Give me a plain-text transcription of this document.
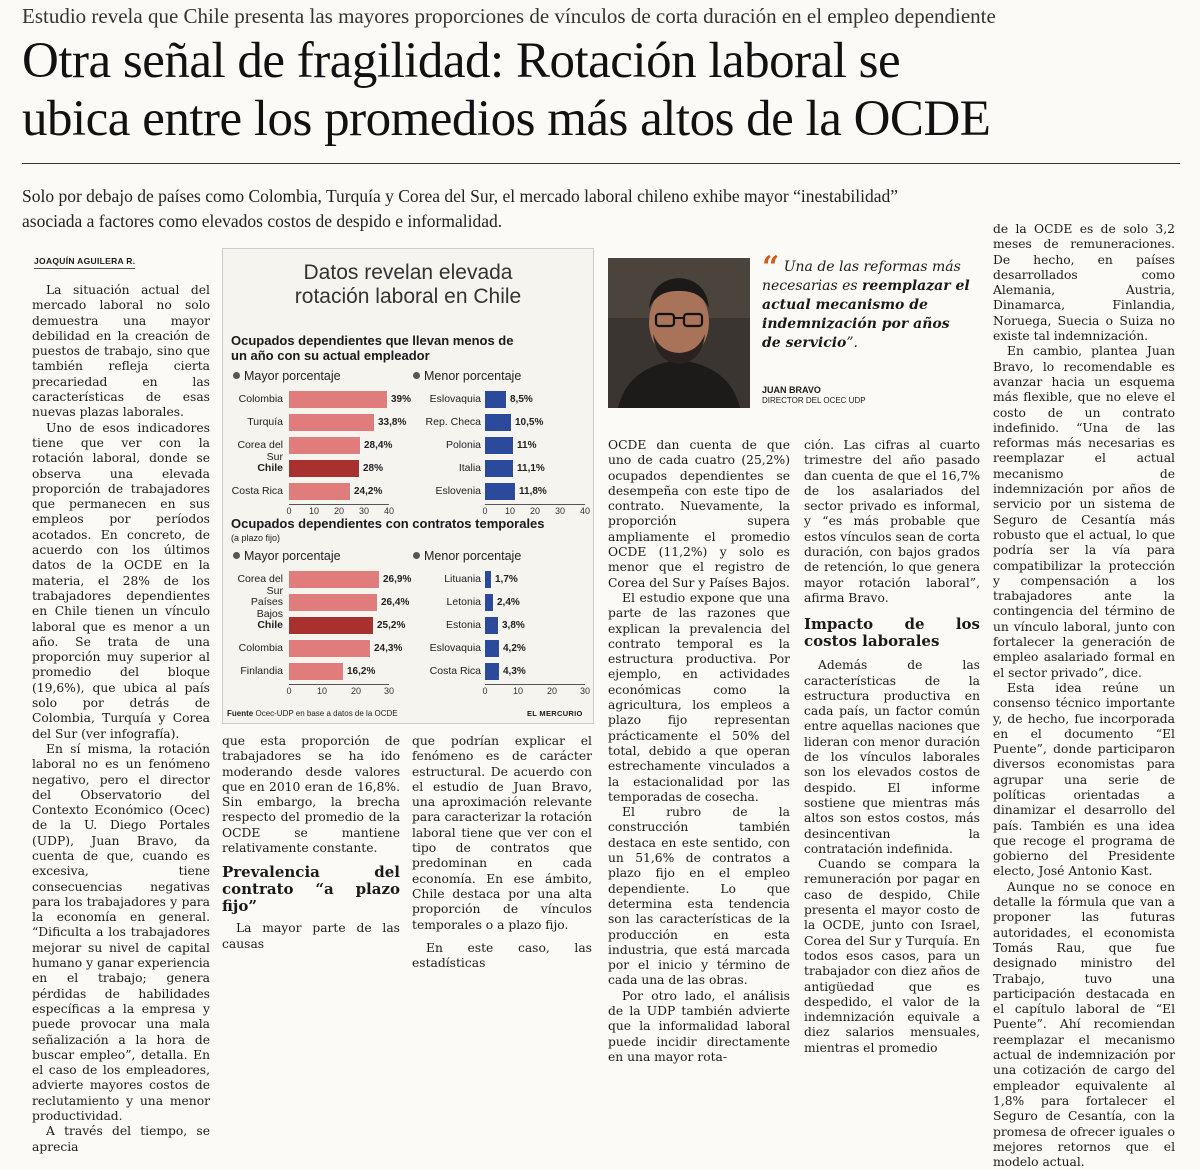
Estudio revela que Chile presenta las mayores proporciones de vínculos de corta duración en el empleo dependiente
Otra señal de fragilidad: Rotación laboral se
ubica entre los promedios más altos de la OCDE
Solo por debajo de países como Colombia, Turquía y Corea del Sur, el mercado laboral chileno exhibe mayor “inestabilidad” asociada a factores como elevados costos de despido e informalidad.
JOAQUÍN AGUILERA R.

La situación actual del mercado laboral no solo demuestra una mayor debilidad en la creación de puestos de trabajo, sino que también refleja cierta precariedad en las características de esas nuevas plazas laborales.

Uno de esos indicadores tiene que ver con la rotación laboral, donde se observa una elevada proporción de trabajadores que permanecen en sus empleos por períodos acotados. En concreto, de acuerdo con los últimos datos de la OCDE en la materia, el 28% de los trabajadores dependientes en Chile tienen un vínculo laboral que es menor a un año. Se trata de una proporción muy superior al promedio del bloque (19,6%), que ubica al país solo por detrás de Colombia, Turquía y Corea del Sur (ver infografía).

En sí misma, la rotación laboral no es un fenómeno negativo, pero el director del Observatorio del Contexto Económico (Ocec) de la U. Diego Portales (UDP), Juan Bravo, da cuenta de que, cuando es excesiva, tiene consecuencias negativas para los trabajadores y para la economía en general. “Dificulta a los trabajadores mejorar su nivel de capital humano y ganar experiencia en el trabajo; genera pérdidas de habilidades específicas a la empresa y puede provocar una mala señalización a la hora de buscar empleo”, detalla. En el caso de los empleadores, advierte mayores costos de reclutamiento y una menor productividad.

A través del tiempo, se aprecia

Datos revelan elevada
rotación laboral en Chile
Ocupados dependientes que llevan menos de un año con su actual empleador
Ocupados dependientes con contratos temporales
(a plazo fijo)
Mayor porcentaje
Colombia	39%
Turquía	33,8%
Corea del Sur
28,4%
Chile	28%
Costa Rica	24,2%
0	10	20	30	40
Menor porcentaje
Eslovaquia	8,5%
Rep. Checa	10,5%
Polonia	11%
Italia	11,1%
Eslovenia	11,8%
0	10	20	30	40
Mayor porcentaje
Corea del Sur
26,9%
Países Bajos
26,4%
Chile	25,2%
Colombia	24,3%
Finlandia	16,2%
0	10	20	30
Menor porcentaje
Lituania 1,7%
Letonia 2,4%
Estonia 3,8%
Eslovaquia 4,2%
Costa Rica 4,3%
0	10	20	30
Fuente Ocec-UDP en base a datos de la OCDE	EL MERCURIO

que esta proporción de trabajadores se ha ido moderando desde valores que en 2010 eran de 16,8%. Sin embargo, la brecha respecto del promedio de la OCDE se mantiene relativamente constante.

Prevalencia del contrato “a plazo fijo”

La mayor parte de las causas

que podrían explicar el fenómeno es de carácter estructural. De acuerdo con el estudio de Juan Bravo, una aproximación relevante para caracterizar la rotación laboral tiene que ver con el tipo de contratos que predominan en cada economía. En ese ámbito, Chile destaca por una alta proporción de vínculos temporales o a plazo fijo.

En este caso, las estadísticas

“ Una de las reformas más necesarias es reemplazar el actual mecanismo de indemnización por años de servicio”.
JUAN BRAVO
DIRECTOR DEL OCEC UDP

OCDE dan cuenta de que uno de cada cuatro (25,2%) ocupados dependientes se desempeña con este tipo de contrato. Nuevamente, la proporción supera ampliamente el promedio OCDE (11,2%) y solo es menor que el registro de Corea del Sur y Países Bajos.

El estudio expone que una parte de las razones que explican la prevalencia del contrato temporal es la estructura productiva. Por ejemplo, en actividades económicas como la agricultura, los empleos a plazo fijo representan prácticamente el 50% del total, debido a que operan estrechamente vinculados a la estacionalidad por las temporadas de cosecha.

El rubro de la construcción también destaca en este sentido, con un 51,6% de contratos a plazo fijo en el empleo dependiente. Lo que determina esta tendencia son las características de la producción en esta industria, que está marcada por el inicio y término de cada una de las obras.

Por otro lado, el análisis de la UDP también advierte que la informalidad laboral puede incidir directamente en una mayor rota-

ción. Las cifras al cuarto trimestre del año pasado dan cuenta de que el 16,7% de los asalariados del sector privado es informal, y “es más probable que estos vínculos sean de corta duración, con bajos grados de retención, lo que genera mayor rotación laboral”, afirma Bravo.

Impacto de los costos laborales

Además de las características de la estructura productiva en cada país, un factor común entre aquellas naciones que lideran con menor duración de los vínculos laborales son los elevados costos de despido. El informe sostiene que mientras más altos son estos costos, más desincentivan la contratación indefinida.

Cuando se compara la remuneración por pagar en caso de despido, Chile presenta el mayor costo de la OCDE, junto con Israel, Corea del Sur y Turquía. En todos esos casos, para un trabajador con diez años de antigüedad que es despedido, el valor de la indemnización equivale a diez salarios mensuales, mientras el promedio

de la OCDE es de solo 3,2 meses de remuneraciones. De hecho, en países desarrollados como Alemania, Austria, Dinamarca, Finlandia, Noruega, Suecia o Suiza no existe tal indemnización.

En cambio, plantea Juan Bravo, lo recomendable es avanzar hacia un esquema más flexible, que no eleve el costo de un contrato indefinido. “Una de las reformas más necesarias es reemplazar el actual mecanismo de indemnización por años de servicio por un sistema de Seguro de Cesantía más robusto que el actual, lo que podría ser la vía para compatibilizar la protección y compensación a los trabajadores ante la contingencia del término de un vínculo laboral, junto con fortalecer la generación de empleo asalariado formal en el sector privado”, dice.

Esta idea reúne un consenso técnico importante y, de hecho, fue incorporada en el documento “El Puente”, donde participaron diversos economistas para agrupar una serie de políticas orientadas a dinamizar el desarrollo del país. También es una idea que recoge el programa de gobierno del Presidente electo, José Antonio Kast.

Aunque no se conoce en detalle la fórmula que van a proponer las futuras autoridades, el economista Tomás Rau, que fue designado ministro del Trabajo, tuvo una participación destacada en el capítulo laboral de “El Puente”. Ahí recomiendan reemplazar el mecanismo actual de indemnización por una cotización de cargo del empleador equivalente al 1,8% para fortalecer el Seguro de Cesantía, con la promesa de ofrecer iguales o mejores retornos que el modelo actual.
